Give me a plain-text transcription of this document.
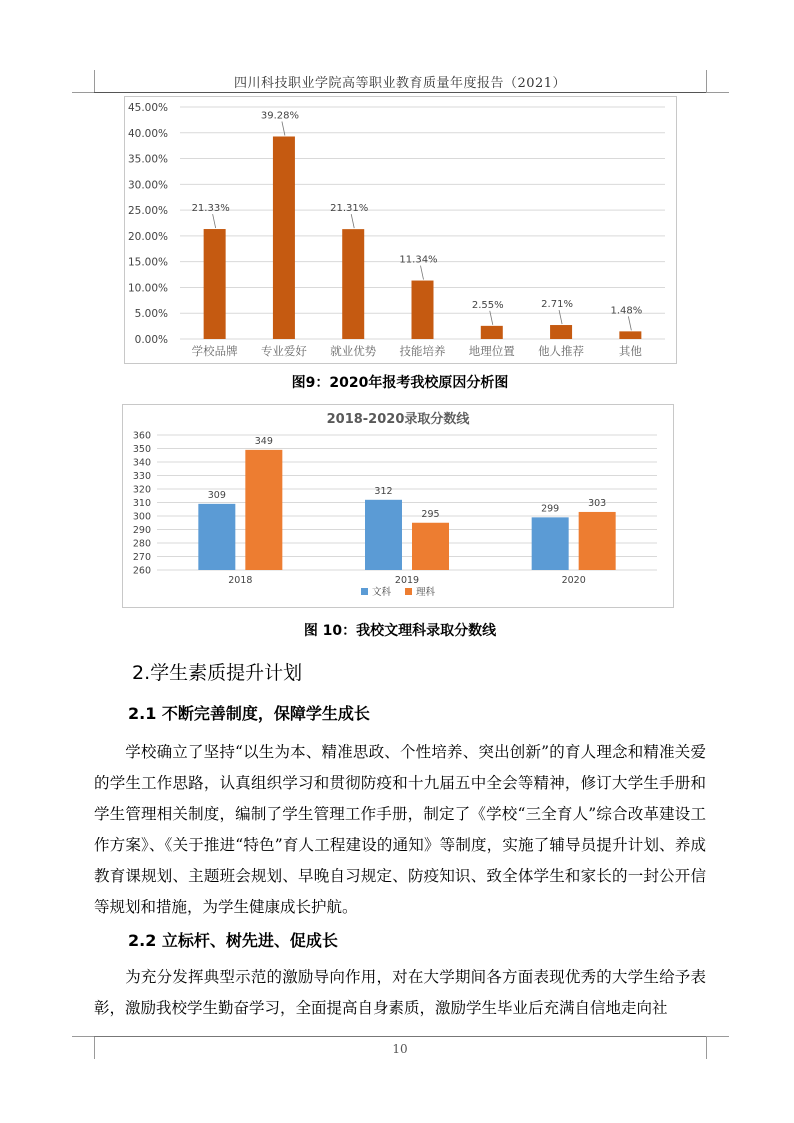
四川科技职业学院高等职业教育质量年度报告（2021）
0.00%
5.00%
10.00%
15.00%
20.00%
25.00%
30.00%
35.00%
40.00%
45.00%
21.33%
学校品牌
39.28%
专业爱好
21.31%
就业优势
11.34%
技能培养
2.55%
地理位置
2.71%
他人推荐
1.48%
其他
图9：2020年报考我校原因分析图
2018-2020录取分数线
260
270
280
290
300
310
320
330
340
350
360
309
349
2018
312
295
2019
299	303
2020
文科	理科
图 10：我校文理科录取分数线
2.学生素质提升计划
2.1 不断完善制度，保障学生成长

学校确立了坚持“以生为本、精准思政、个性培养、突出创新”的育人理念和精准关爱的学生工作思路，认真组织学习和贯彻防疫和十九届五中全会等精神，修订大学生手册和学生管理相关制度，编制了学生管理工作手册，制定了《学校“三全育人”综合改革建设工作方案》、《关于推进“特色”育人工程建设的通知》等制度，实施了辅导员提升计划、养成教育课规划、主题班会规划、早晚自习规定、防疫知识、致全体学生和家长的一封公开信等规划和措施，为学生健康成长护航。

2.2 立标杆、树先进、促成长

为充分发挥典型示范的激励导向作用，对在大学期间各方面表现优秀的大学生给予表彰，激励我校学生勤奋学习，全面提高自身素质，激励学生毕业后充满自信地走向社

10
